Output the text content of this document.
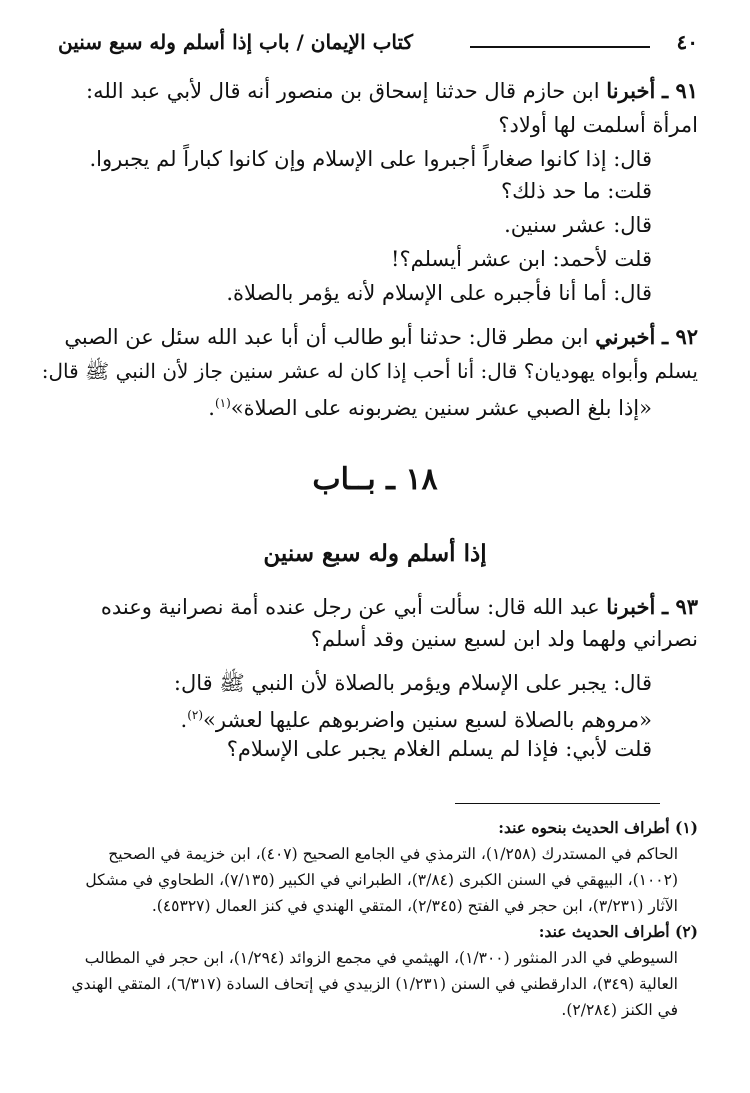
٤٠
كتاب الإيمان / باب إذا أسلم وله سبع سنين
٩١ ـ أخبرنا ابن حازم قال حدثنا إسحاق بن منصور أنه قال لأبي عبد الله:
امرأة أسلمت لها أولاد؟
قال: إذا كانوا صغاراً أجبروا على الإسلام وإن كانوا كباراً لم يجبروا.
قلت: ما حد ذلك؟
قال: عشر سنين.
قلت لأحمد: ابن عشر أيسلم؟!
قال: أما أنا فأجبره على الإسلام لأنه يؤمر بالصلاة.
٩٢ ـ أخبرني ابن مطر قال: حدثنا أبو طالب أن أبا عبد الله سئل عن الصبي
يسلم وأبواه يهوديان؟ قال: أنا أحب إذا كان له عشر سنين جاز لأن النبي ﷺ قال:
«إذا بلغ الصبي عشر سنين يضربونه على الصلاة»$^{(١)}$.
١٨ ـ بــاب
إذا أسلم وله سبع سنين
٩٣ ـ أخبرنا عبد الله قال: سألت أبي عن رجل عنده أمة نصرانية وعنده
نصراني ولهما ولد ابن لسبع سنين وقد أسلم؟
قال: يجبر على الإسلام ويؤمر بالصلاة لأن النبي ﷺ قال:
«مروهم بالصلاة لسبع سنين واضربوهم عليها لعشر»$^{(٢)}$.
قلت لأبي: فإذا لم يسلم الغلام يجبر على الإسلام؟
(١) أطراف الحديث بنحوه عند:
الحاكم في المستدرك (١/٢٥٨)، الترمذي في الجامع الصحيح (٤٠٧)، ابن خزيمة في الصحيح
(١٠٠٢)، البيهقي في السنن الكبرى (٣/٨٤)، الطبراني في الكبير (٧/١٣٥)، الطحاوي في مشكل
الآثار (٣/٢٣١)، ابن حجر في الفتح (٢/٣٤٥)، المتقي الهندي في كنز العمال (٤٥٣٢٧).
(٢) أطراف الحديث عند:
السيوطي في الدر المنثور (١/٣٠٠)، الهيثمي في مجمع الزوائد (١/٢٩٤)، ابن حجر في المطالب
العالية (٣٤٩)، الدارقطني في السنن (١/٢٣١) الزبيدي في إتحاف السادة (٦/٣١٧)، المتقي الهندي
في الكنز (٢/٢٨٤).
